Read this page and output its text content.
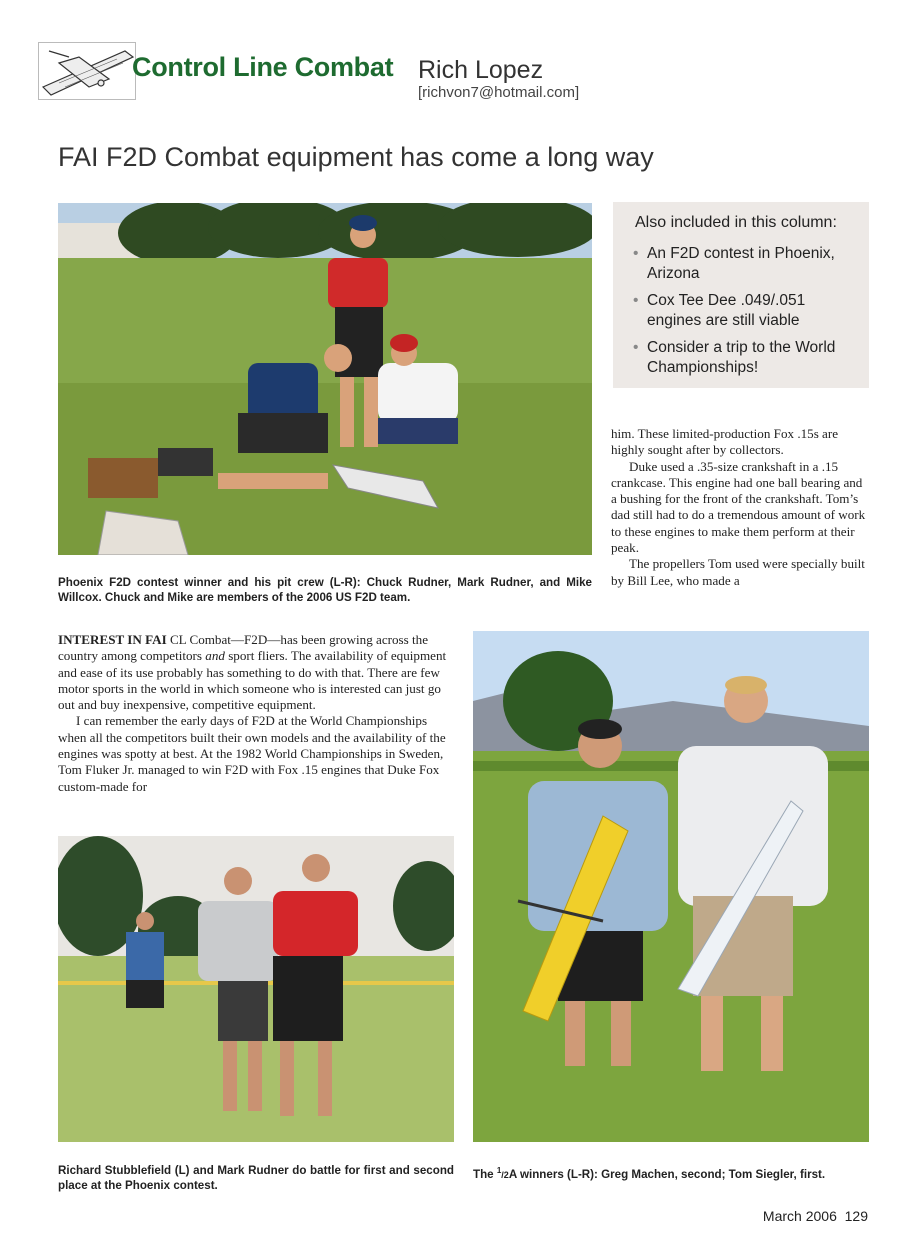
Control Line Combat Rich Lopez
[richvon7@hotmail.com]
FAI F2D Combat equipment has come a long way
Phoenix F2D contest winner and his pit crew (L-R): Chuck Rudner, Mark Rudner, and Mike Willcox. Chuck and Mike are members of the 2006 US F2D team.
Also included in this column:
• An F2D contest in Phoenix, Arizona
• Cox Tee Dee .049/.051 engines are still viable
• Consider a trip to the World Championships!

him. These limited-production Fox .15s are highly sought after by collectors.

Duke used a .35-size crankshaft in a .15 crankcase. This engine had one ball bearing and a bushing for the front of the crankshaft. Tom’s dad still had to do a tremendous amount of work to these engines to make them perform at their peak.

The propellers Tom used were specially built by Bill Lee, who made a

INTEREST IN FAI CL Combat—F2D—has been growing across the country among competitors and sport fliers. The availability of equipment and ease of its use probably has something to do with that. There are few motor sports in the world in which someone who is interested can just go out and buy inexpensive, competitive equipment.

I can remember the early days of F2D at the World Championships when all the competitors built their own models and the availability of the engines was spotty at best. At the 1982 World Championships in Sweden, Tom Fluker Jr. managed to win F2D with Fox .15 engines that Duke Fox custom-made for

Richard Stubblefield (L) and Mark Rudner do battle for first and second place at the Phoenix contest.
The $^1$/2A winners (L-R): Greg Machen, second; Tom Siegler, first.
March 2006 129
